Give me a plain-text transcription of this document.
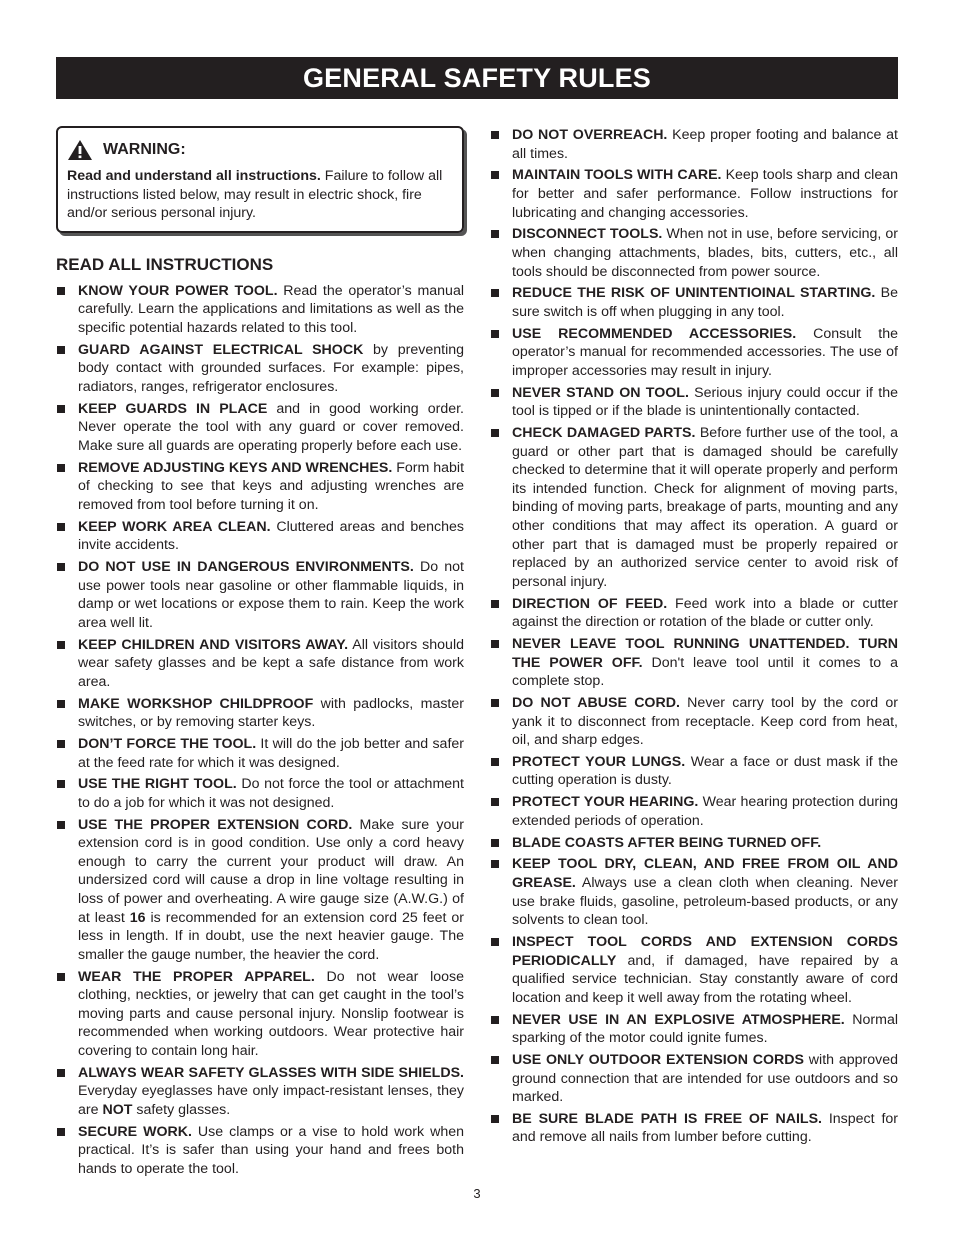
GENERAL SAFETY RULES
WARNING:
Read and understand all instructions. Failure to follow all instructions listed below, may result in electric shock, fire and/or serious personal injury.
READ ALL INSTRUCTIONS
KNOW YOUR POWER TOOL. Read the operator’s manual carefully. Learn the applications and limitations as well as the specific potential hazards related to this tool.
GUARD AGAINST ELECTRICAL SHOCK by preventing body contact with grounded surfaces. For example: pipes, radiators, ranges, refrigerator enclosures.
KEEP GUARDS IN PLACE and in good working order. Never operate the tool with any guard or cover removed. Make sure all guards are operating properly before each use.
REMOVE ADJUSTING KEYS AND WRENCHES. Form habit of checking to see that keys and adjusting wrenches are removed from tool before turning it on.
KEEP WORK AREA CLEAN. Cluttered areas and benches invite accidents.
DO NOT USE IN DANGEROUS ENVIRONMENTS. Do not use power tools near gasoline or other flammable liquids, in damp or wet locations or expose them to rain. Keep the work area well lit.
KEEP CHILDREN AND VISITORS AWAY. All visitors should wear safety glasses and be kept a safe distance from work area.
MAKE WORKSHOP CHILDPROOF with padlocks, master switches, or by removing starter keys.
DON’T FORCE THE TOOL. It will do the job better and safer at the feed rate for which it was designed.
USE THE RIGHT TOOL. Do not force the tool or attachment to do a job for which it was not designed.
USE THE PROPER EXTENSION CORD. Make sure your extension cord is in good condition. Use only a cord heavy enough to carry the current your product will draw. An undersized cord will cause a drop in line voltage resulting in loss of power and overheating. A wire gauge size (A.W.G.) of at least 16 is recommended for an extension cord 25 feet or less in length. If in doubt, use the next heavier gauge. The smaller the gauge number, the heavier the cord.
WEAR THE PROPER APPAREL. Do not wear loose clothing, neckties, or jewelry that can get caught in the tool’s moving parts and cause personal injury. Nonslip footwear is recommended when working outdoors. Wear protective hair covering to contain long hair.
ALWAYS WEAR SAFETY GLASSES WITH SIDE SHIELDS. Everyday eyeglasses have only impact-resistant lenses, they are NOT safety glasses.
SECURE WORK. Use clamps or a vise to hold work when practical. It’s is safer than using your hand and frees both hands to operate the tool.
DO NOT OVERREACH. Keep proper footing and balance at all times.
MAINTAIN TOOLS WITH CARE. Keep tools sharp and clean for better and safer performance. Follow instructions for lubricating and changing accessories.
DISCONNECT TOOLS. When not in use, before servicing, or when changing attachments, blades, bits, cutters, etc., all tools should be disconnected from power source.
REDUCE THE RISK OF UNINTENTIOINAL STARTING. Be sure switch is off when plugging in any tool.
USE RECOMMENDED ACCESSORIES. Consult the operator’s manual for recommended accessories. The use of improper accessories may result in injury.
NEVER STAND ON TOOL. Serious injury could occur if the tool is tipped or if the blade is unintentionally contacted.
CHECK DAMAGED PARTS. Before further use of the tool, a guard or other part that is damaged should be carefully checked to determine that it will operate properly and perform its intended function. Check for alignment of moving parts, binding of moving parts, breakage of parts, mounting and any other conditions that may affect its operation. A guard or other part that is damaged must be properly repaired or replaced by an authorized service center to avoid risk of personal injury.
DIRECTION OF FEED. Feed work into a blade or cutter against the direction or rotation of the blade or cutter only.
NEVER LEAVE TOOL RUNNING UNATTENDED. TURN THE POWER OFF. Don't leave tool until it comes to a complete stop.
DO NOT ABUSE CORD. Never carry tool by the cord or yank it to disconnect from receptacle. Keep cord from heat, oil, and sharp edges.
PROTECT YOUR LUNGS. Wear a face or dust mask if the cutting operation is dusty.
PROTECT YOUR HEARING. Wear hearing protection during extended periods of operation.
BLADE COASTS AFTER BEING TURNED OFF.
KEEP TOOL DRY, CLEAN, AND FREE FROM OIL AND GREASE. Always use a clean cloth when cleaning. Never use brake fluids, gasoline, petroleum-based products, or any solvents to clean tool.
INSPECT TOOL CORDS AND EXTENSION CORDS PERIODICALLY and, if damaged, have repaired by a qualified service technician. Stay constantly aware of cord location and keep it well away from the rotating wheel.
NEVER USE IN AN EXPLOSIVE ATMOSPHERE. Normal sparking of the motor could ignite fumes.
USE ONLY OUTDOOR EXTENSION CORDS with approved ground connection that are intended for use outdoors and so marked.
BE SURE BLADE PATH IS FREE OF NAILS. Inspect for and remove all nails from lumber before cutting.
3
